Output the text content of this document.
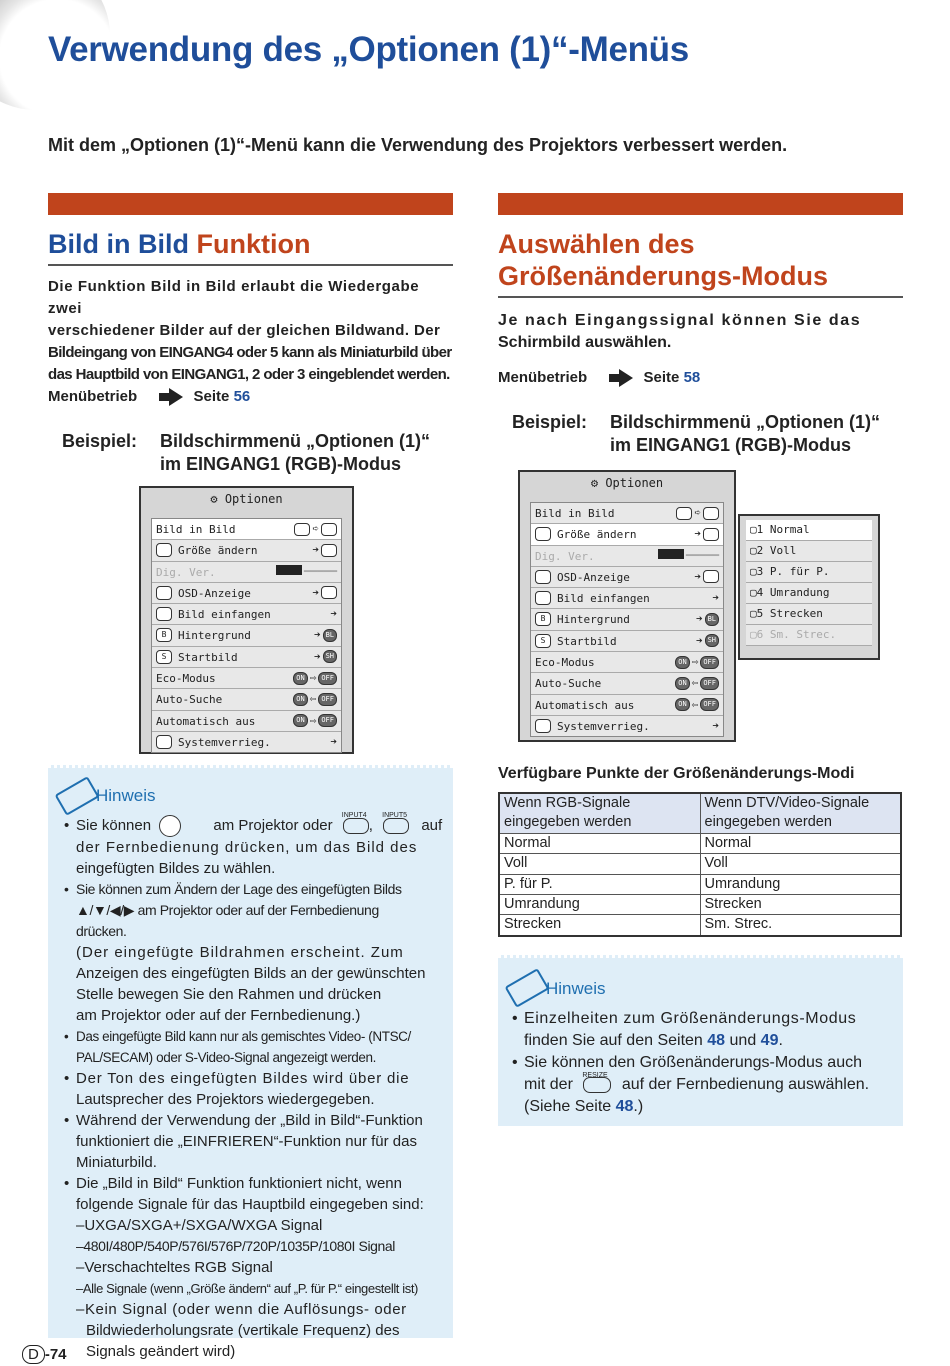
Verwendung des „Optionen (1)“-Menüs
Mit dem „Optionen (1)“-Menü kann die Verwendung des Projektors verbessert werden.
Bild in Bild Funktion
Die Funktion Bild in Bild erlaubt die Wiedergabe zwei
verschiedener Bilder auf der gleichen Bildwand. Der
Bildeingang von EINGANG4 oder 5 kann als Miniaturbild über
das Hauptbild von EINGANG1, 2 oder 3 eingeblendet werden.
Menübetrieb	Seite 56
Beispiel: Bildschirmmenü „Optionen (1)“
im EINGANG1 (RGB)-Modus
⚙ Optionen
Bild in Bild	➪
Größe ändern	➔
Dig. Ver.	━━━━━
OSD-Anzeige	➔
Bild einfangen	➔
B	Hintergrund	➔ BL
S	Startbild	➔ SH
Eco-Modus	ON ⇨ OFF
Auto-Suche	ON ⇦ OFF
Automatisch aus	ON ⇨ OFF
Systemverrieg.	➔
Auswählen des
Größenänderungs-Modus
Je nach Eingangssignal können Sie das
Schirmbild auswählen.
Menübetrieb	Seite 58
Beispiel: Bildschirmmenü „Optionen (1)“
im EINGANG1 (RGB)-Modus
⚙ Optionen
Bild in Bild	➪
Größe ändern	➔
Dig. Ver.	━━━━━
OSD-Anzeige	➔
Bild einfangen	➔
B	Hintergrund	➔ BL
S	Startbild	➔ SH
Eco-Modus	ON ⇨ OFF
Auto-Suche	ON ⇦ OFF
Automatisch aus	ON ⇦ OFF
Systemverrieg.	➔
▢1 Normal
▢2 Voll
▢3 P. für P.
▢4 Umrandung
▢5 Strecken
▢6 Sm. Strec.
Hinweis
• Sie können	am Projektor oder
INPUT4
,
INPUT5
auf
der Fernbedienung drücken, um das Bild des
eingefügten Bildes zu wählen.
• Sie können zum Ändern der Lage des eingefügten Bilds
▲/▼/◀/▶ am Projektor oder auf der Fernbedienung
drücken.
(Der eingefügte Bildrahmen erscheint. Zum
Anzeigen des eingefügten Bilds an der gewünschten
Stelle bewegen Sie den Rahmen und drücken
am Projektor oder auf der Fernbedienung.)
• Das eingefügte Bild kann nur als gemischtes Video- (NTSC/
PAL/SECAM) oder S-Video-Signal angezeigt werden.
• Der Ton des eingefügten Bildes wird über die
Lautsprecher des Projektors wiedergegeben.
• Während der Verwendung der „Bild in Bild“-Funktion
funktioniert die „EINFRIEREN“-Funktion nur für das
Miniaturbild.
• Die „Bild in Bild“ Funktion funktioniert nicht, wenn
folgende Signale für das Hauptbild eingegeben sind:
–UXGA/SXGA+/SXGA/WXGA Signal
–480I/480P/540P/576I/576P/720P/1035P/1080I Signal
–Verschachteltes RGB Signal
–Alle Signale (wenn „Größe ändern“ auf „P. für P.“ eingestellt ist)
–Kein Signal (oder wenn die Auflösungs- oder
Bildwiederholungsrate (vertikale Frequenz) des
Signals geändert wird)
Verfügbare Punkte der Größenänderungs-Modi
Wenn RGB-Signale eingegeben werden	Wenn DTV/Video-Signale eingegeben werden
Normal	Normal
Voll	Voll
P. für P.	Umrandung
Umrandung	Strecken
Strecken	Sm. Strec.
Hinweis
• Einzelheiten zum Größenänderungs-Modus
finden Sie auf den Seiten 48 und 49.
• Sie können den Größenänderungs-Modus auch
mit der
RESIZE
auf der Fernbedienung auswählen.
(Siehe Seite 48.)
D -74
